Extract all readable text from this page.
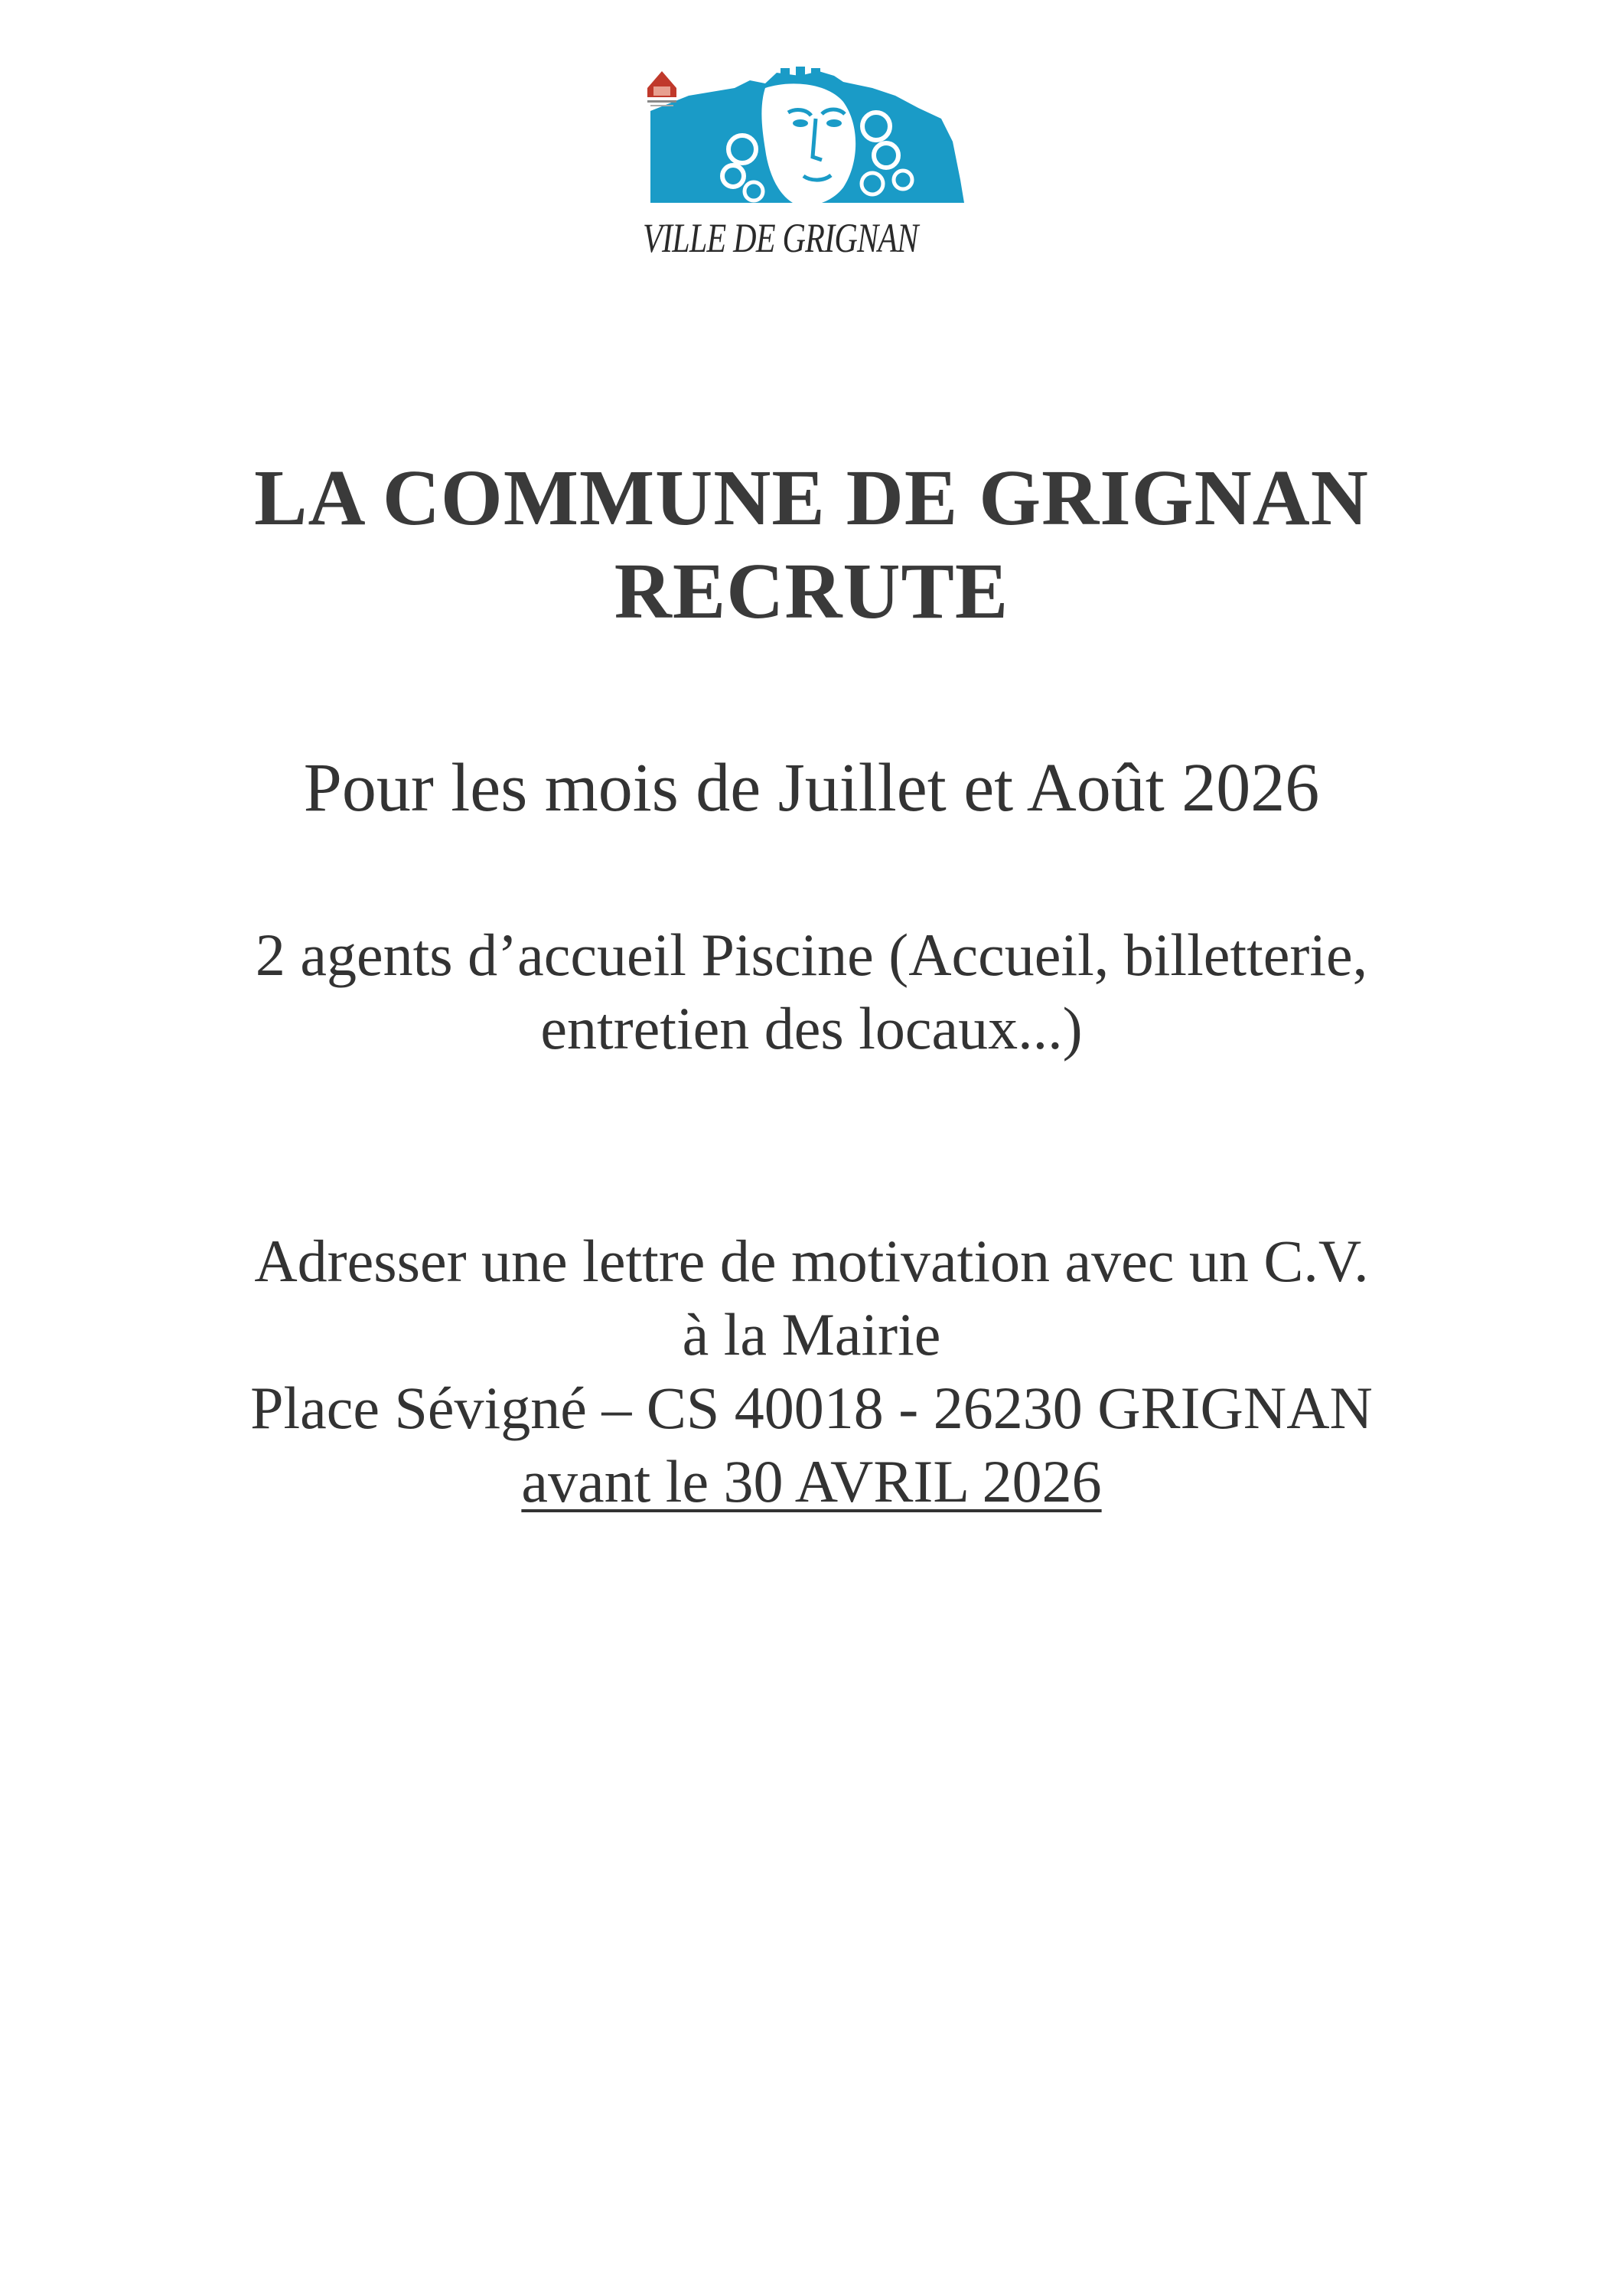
VILLE DE GRIGNAN
LA COMMUNE DE GRIGNAN
RECRUTE
Pour les mois de Juillet et Août 2026
2 agents d’accueil Piscine (Accueil, billetterie,
entretien des locaux...)
Adresser une lettre de motivation avec un C.V.
à la Mairie
Place Sévigné – CS 40018 - 26230 GRIGNAN
avant le 30 AVRIL 2026
